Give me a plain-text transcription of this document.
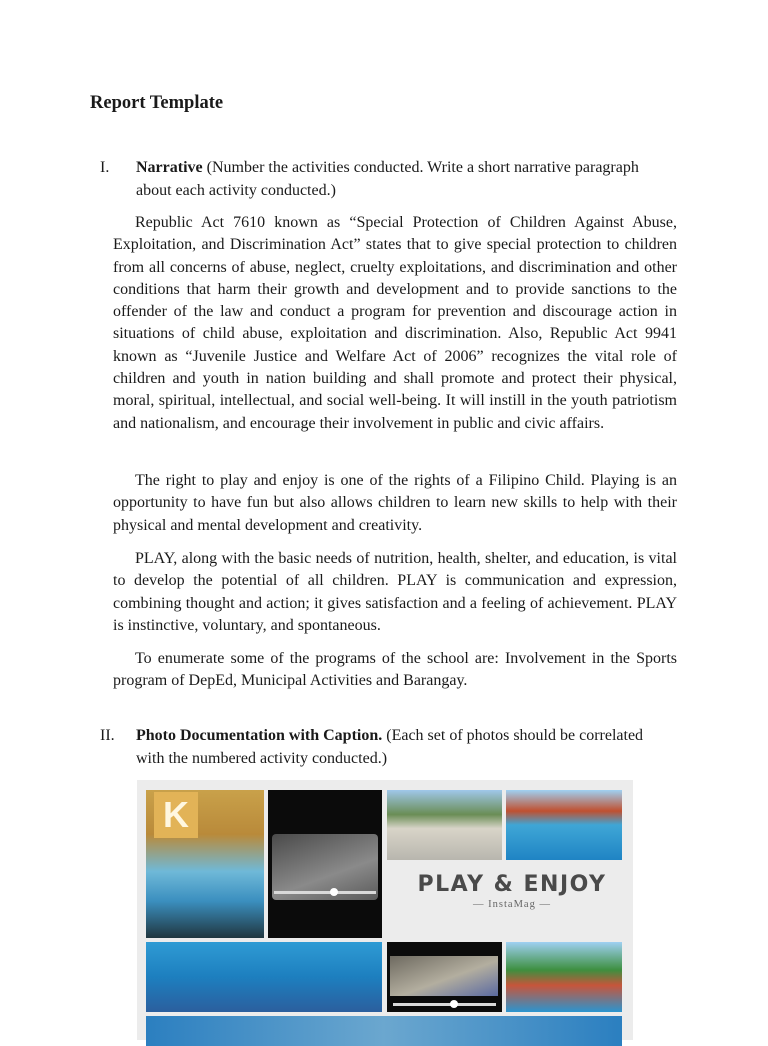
Report Template
I. Narrative (Number the activities conducted. Write a short narrative paragraph about each activity conducted.)

Republic Act 7610 known as “Special Protection of Children Against Abuse, Exploitation, and Discrimination Act” states that to give special protection to children from all concerns of abuse, neglect, cruelty exploitations, and discrimination and other conditions that harm their growth and development and to provide sanctions to the offender of the law and conduct a program for prevention and discourage action in situations of child abuse, exploitation and discrimination. Also, Republic Act 9941 known as “Juvenile Justice and Welfare Act of 2006” recognizes the vital role of children and youth in nation building and shall promote and protect their physical, moral, spiritual, intellectual, and social well-being. It will instill in the youth patriotism and nationalism, and encourage their involvement in public and civic affairs.

The right to play and enjoy is one of the rights of a Filipino Child. Playing is an opportunity to have fun but also allows children to learn new skills to help with their physical and mental development and creativity.

PLAY, along with the basic needs of nutrition, health, shelter, and education, is vital to develop the potential of all children. PLAY is communication and expression, combining thought and action; it gives satisfaction and a feeling of achievement. PLAY is instinctive, voluntary, and spontaneous.

To enumerate some of the programs of the school are: Involvement in the Sports program of DepEd, Municipal Activities and Barangay.

II. Photo Documentation with Caption. (Each set of photos should be correlated with the numbered activity conducted.)
K
PLAY & ENJOY
— InstaMag —
